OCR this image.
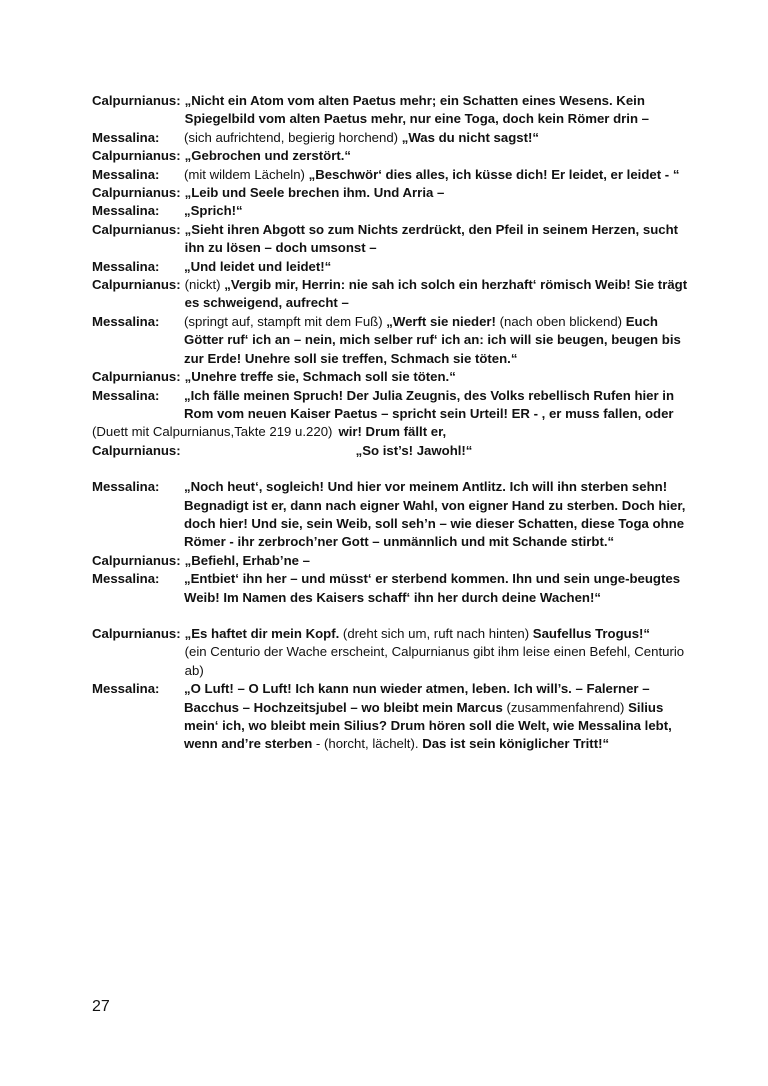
Calpurnianus: „Nicht ein Atom vom alten Paetus mehr; ein Schatten eines Wesens. Kein Spiegelbild vom alten Paetus mehr, nur eine Toga, doch kein Römer drin –
Messalina:	(sich aufrichtend, begierig horchend) „Was du nicht sagst!“
Calpurnianus: „Gebrochen und zerstört.“
Messalina:	(mit wildem Lächeln) „Beschwör‘ dies alles, ich küsse dich! Er leidet, er leidet - “
Calpurnianus: „Leib und Seele brechen ihm. Und Arria –
Messalina:	„Sprich!“
Calpurnianus: „Sieht ihren Abgott so zum Nichts zerdrückt, den Pfeil in seinem Herzen, sucht ihn zu lösen – doch umsonst –
Messalina:	„Und leidet und leidet!“
Calpurnianus: (nickt) „Vergib mir, Herrin: nie sah ich solch ein herzhaft‘ römisch Weib! Sie trägt es schweigend, aufrecht –
Messalina:	(springt auf, stampft mit dem Fuß) „Werft sie nieder! (nach oben blickend) Euch Götter ruf‘ ich an – nein, mich selber ruf‘ ich an: ich will sie beugen, beugen bis zur Erde! Unehre soll sie treffen, Schmach sie töten.“
Calpurnianus: „Unehre treffe sie, Schmach soll sie töten.“
Messalina:	„Ich fälle meinen Spruch! Der Julia Zeugnis, des Volks rebellisch Rufen hier in Rom vom neuen Kaiser Paetus – spricht sein Urteil! ER - , er muss fallen, oder
(Duett mit Calpurnianus,Takte 219 u.220) wir! Drum fällt er,
Calpurnianus:	„So ist’s! Jawohl!“
Messalina:	„Noch heut‘, sogleich! Und hier vor meinem Antlitz. Ich will ihn sterben sehn! Begnadigt ist er, dann nach eigner Wahl, von eigner Hand zu sterben. Doch hier, doch hier! Und sie, sein Weib, soll seh’n – wie dieser Schatten, diese Toga ohne Römer - ihr zerbroch’ner Gott – unmännlich und mit Schande stirbt.“
Calpurnianus: „Befiehl, Erhab’ne –
Messalina:	„Entbiet‘ ihn her – und müsst‘ er sterbend kommen. Ihn und sein unge-beugtes Weib! Im Namen des Kaisers schaff‘ ihn her durch deine Wachen!“
Calpurnianus: „Es haftet dir mein Kopf. (dreht sich um, ruft nach hinten) Saufellus Trogus!“
(ein Centurio der Wache erscheint, Calpurnianus gibt ihm leise einen Befehl, Centurio ab)
Messalina:	„O Luft! – O Luft! Ich kann nun wieder atmen, leben. Ich will’s. – Falerner – Bacchus – Hochzeitsjubel – wo bleibt mein Marcus (zusammenfahrend) Silius mein‘ ich, wo bleibt mein Silius? Drum hören soll die Welt, wie Messalina lebt, wenn and’re sterben - (horcht, lächelt). Das ist sein königlicher Tritt!“
27
